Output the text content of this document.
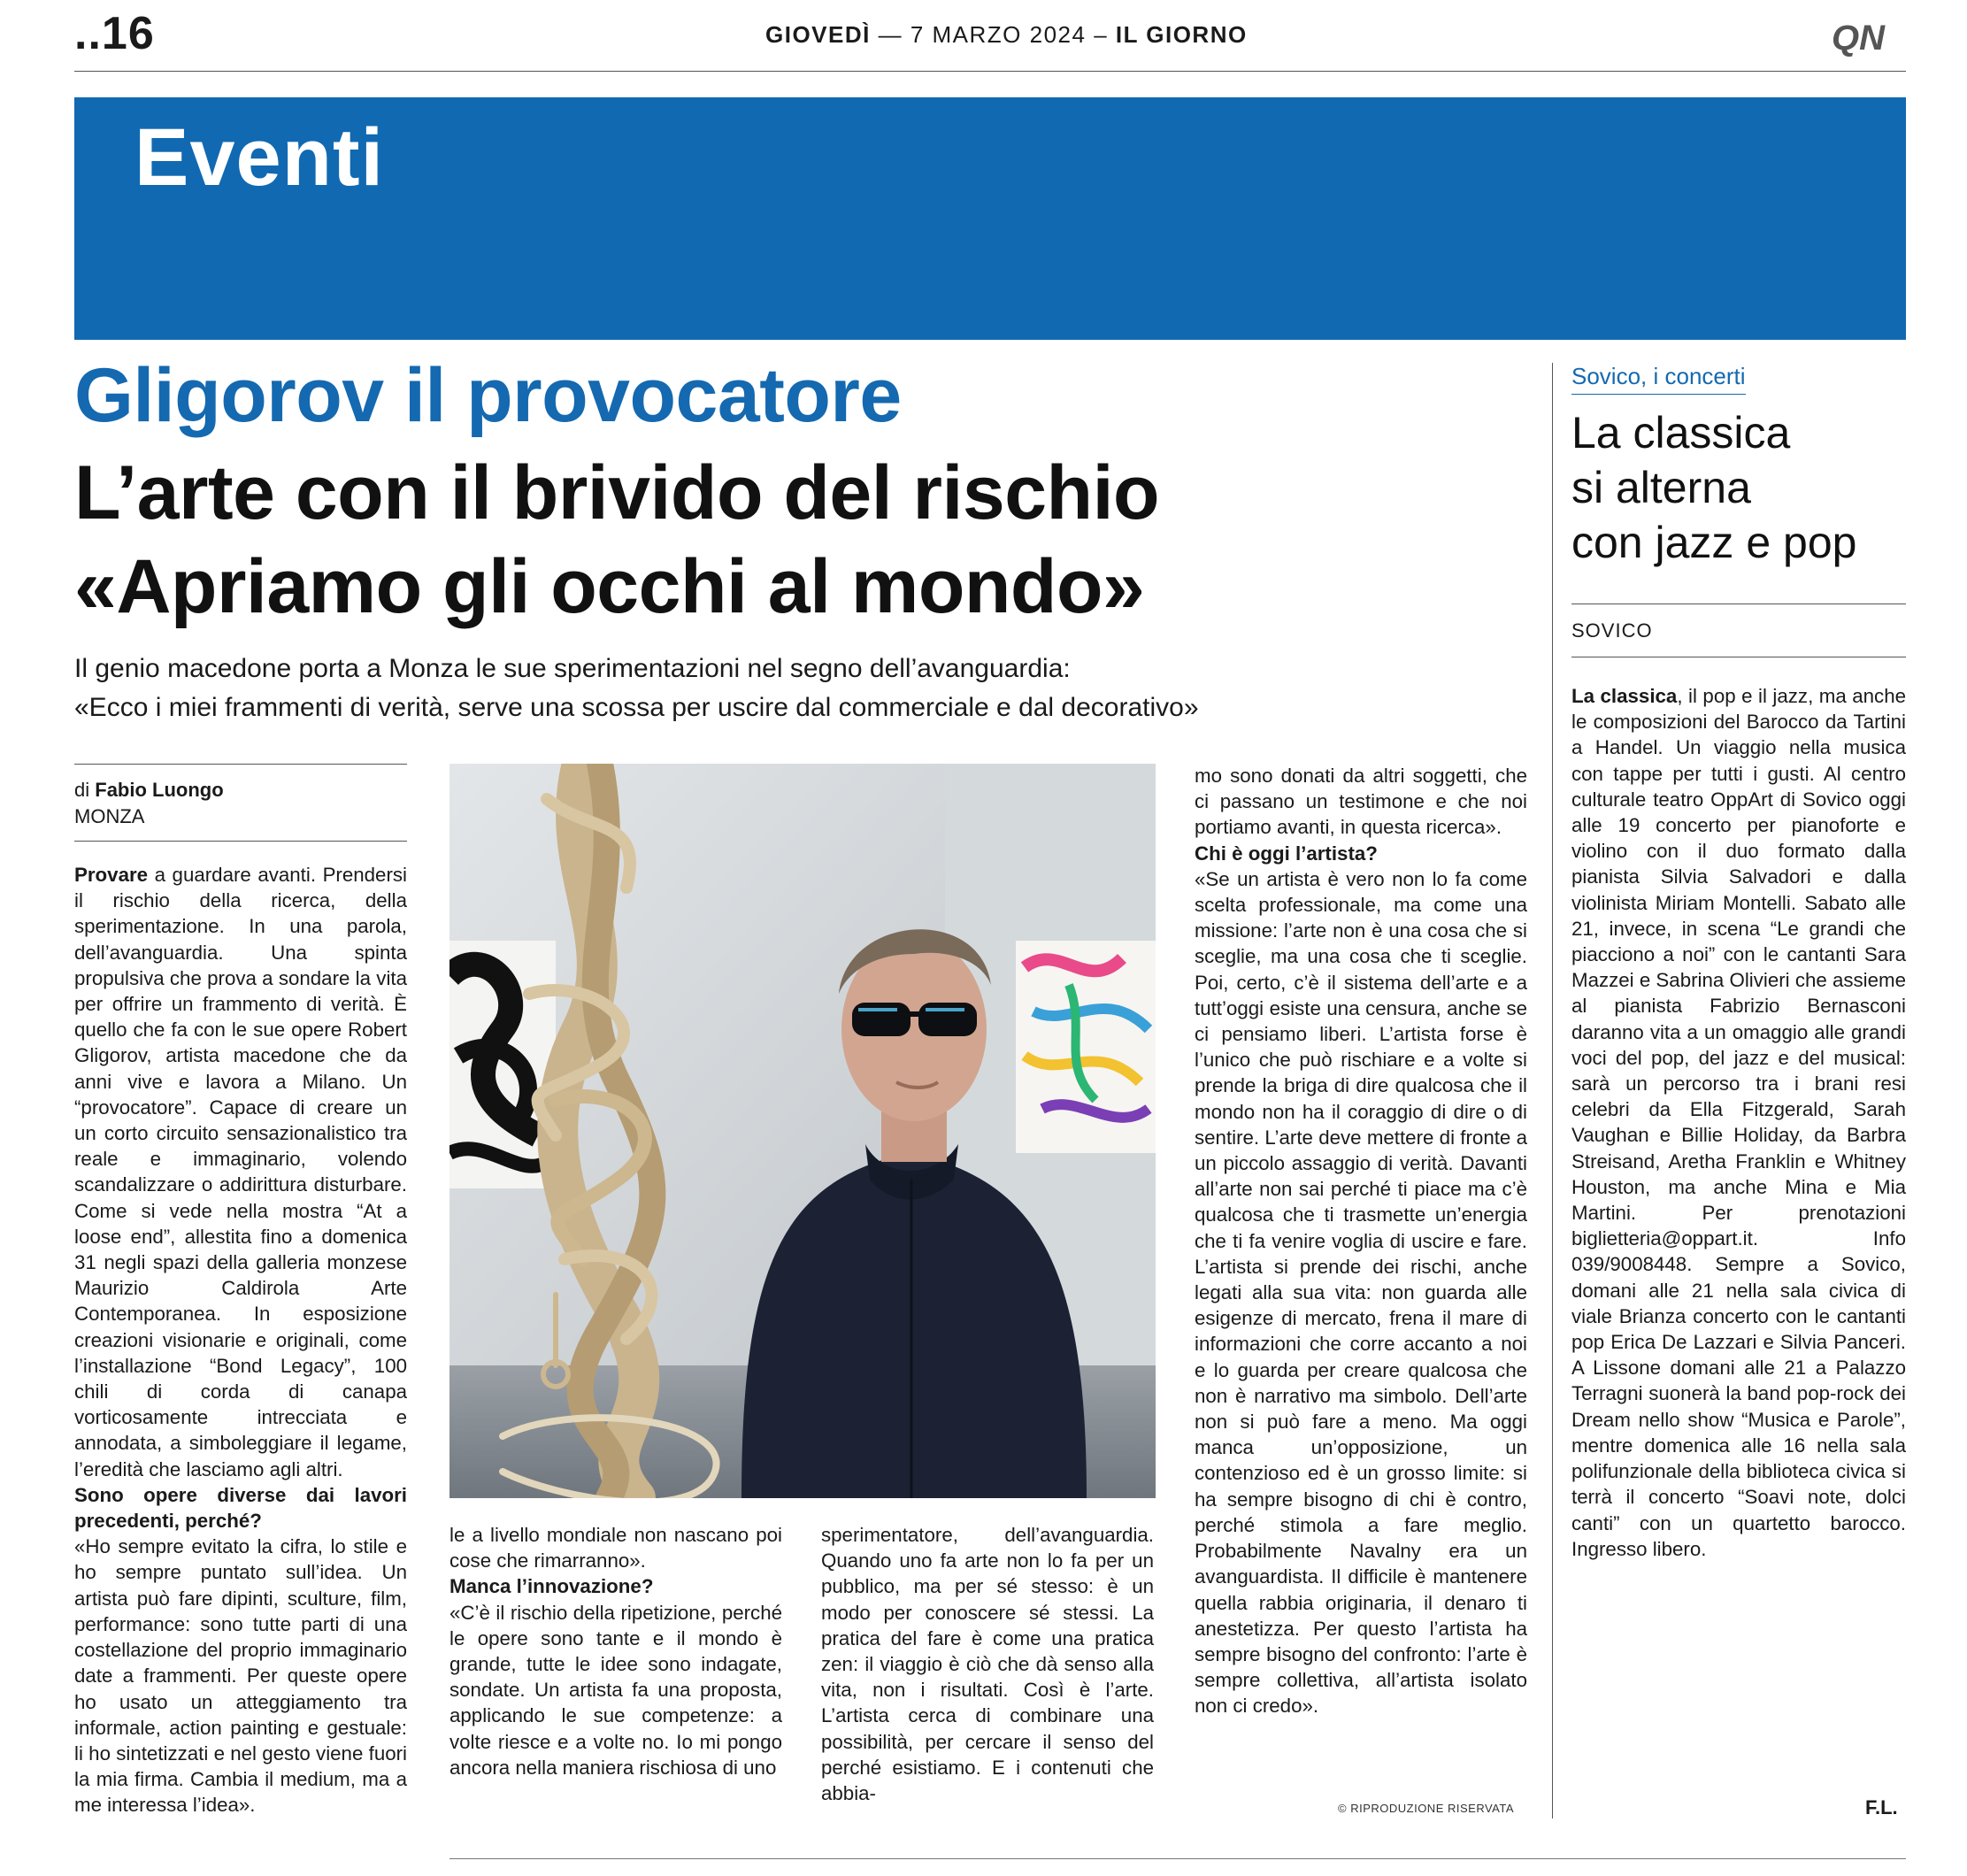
..16	GIOVEDÌ — 7 MARZO 2024 – IL GIORNO	QN
Eventi
Gligorov il provocatore
L’arte con il brivido del rischio
«Apriamo gli occhi al mondo»
Il genio macedone porta a Monza le sue sperimentazioni nel segno dell’avanguardia:
«Ecco i miei frammenti di verità, serve una scossa per uscire dal commerciale e dal decorativo»
di Fabio Luongo
MONZA

Provare a guardare avanti. Prendersi il rischio della ricerca, della sperimentazione. In una parola, dell’avanguardia. Una spinta propulsiva che prova a sondare la vita per offrire un frammento di verità. È quello che fa con le sue opere Robert Gligorov, artista macedone che da anni vive e lavora a Milano. Un “provocatore”. Capace di creare un un corto circuito sensazionalistico tra reale e immaginario, volendo scandalizzare o addirittura disturbare. Come si vede nella mostra “At a loose end”, allestita fino a domenica 31 negli spazi della galleria monzese Maurizio Caldirola Arte Contemporanea. In esposizione creazioni visionarie e originali, come l’installazione “Bond Legacy”, 100 chili di corda di canapa vorticosamente intrecciata e annodata, a simboleggiare il legame, l’eredità che lasciamo agli altri.

Sono opere diverse dai lavori precedenti, perché?

«Ho sempre evitato la cifra, lo stile e ho sempre puntato sull’idea. Un artista può fare dipinti, sculture, film, performance: sono tutte parti di una costellazione del proprio immaginario date a frammenti. Per queste opere ho usato un atteggiamento tra informale, action painting e gestuale: li ho sintetizzati e nel gesto viene fuori la mia firma. Cambia il medium, ma a me interessa l’idea».

le a livello mondiale non nascano poi cose che rimarranno».

Manca l’innovazione?

«C’è il rischio della ripetizione, perché le opere sono tante e il mondo è grande, tutte le idee sono indagate, sondate. Un artista fa una proposta, applicando le sue competenze: a volte riesce e a volte no. Io mi pongo ancora nella maniera rischiosa di uno

sperimentatore, dell’avanguardia. Quando uno fa arte non lo fa per un pubblico, ma per sé stesso: è un modo per conoscere sé stessi. La pratica del fare è come una pratica zen: il viaggio è ciò che dà senso alla vita, non i risultati. Così è l’arte. L’artista cerca di combinare una possibilità, per cercare il senso del perché esistiamo. E i contenuti che abbia-

mo sono donati da altri soggetti, che ci passano un testimone e che noi portiamo avanti, in questa ricerca».

Chi è oggi l’artista?

«Se un artista è vero non lo fa come scelta professionale, ma come una missione: l’arte non è una cosa che si sceglie, ma una cosa che ti sceglie. Poi, certo, c’è il sistema dell’arte e a tutt’oggi esiste una censura, anche se ci pensiamo liberi. L’artista forse è l’unico che può rischiare e a volte si prende la briga di dire qualcosa che il mondo non ha il coraggio di dire o di sentire. L’arte deve mettere di fronte a un piccolo assaggio di verità. Davanti all’arte non sai perché ti piace ma c’è qualcosa che ti trasmette un’energia che ti fa venire voglia di uscire e fare. L’artista si prende dei rischi, anche legati alla sua vita: non guarda alle esigenze di mercato, frena il mare di informazioni che corre accanto a noi e lo guarda per creare qualcosa che non è narrativo ma simbolo. Dell’arte non si può fare a meno. Ma oggi manca un’opposizione, un contenzioso ed è un grosso limite: si ha sempre bisogno di chi è contro, perché stimola a fare meglio. Probabilmente Navalny era un avanguardista. Il difficile è mantenere quella rabbia originaria, il denaro ti anestetizza. Per questo l’artista ha sempre bisogno del confronto: l’arte è sempre collettiva, all’artista isolato non ci credo».

© RIPRODUZIONE RISERVATA
Sovico, i concerti
La classica
si alterna
con jazz e pop
SOVICO

La classica, il pop e il jazz, ma anche le composizioni del Barocco da Tartini a Handel. Un viaggio nella musica con tappe per tutti i gusti. Al centro culturale teatro OppArt di Sovico oggi alle 19 concerto per pianoforte e violino con il duo formato dalla pianista Silvia Salvadori e dalla violinista Miriam Montelli. Sabato alle 21, invece, in scena “Le grandi che piacciono a noi” con le cantanti Sara Mazzei e Sabrina Olivieri che assieme al pianista Fabrizio Bernasconi daranno vita a un omaggio alle grandi voci del pop, del jazz e del musical: sarà un percorso tra i brani resi celebri da Ella Fitzgerald, Sarah Vaughan e Billie Holiday, da Barbra Streisand, Aretha Franklin e Whitney Houston, ma anche Mina e Mia Martini. Per prenotazioni biglietteria@oppart.it. Info 039/9008448. Sempre a Sovico, domani alle 21 nella sala civica di viale Brianza concerto con le cantanti pop Erica De Lazzari e Silvia Panceri. A Lissone domani alle 21 a Palazzo Terragni suonerà la band pop-rock dei Dream nello show “Musica e Parole”, mentre domenica alle 16 nella sala polifunzionale della biblioteca civica si terrà il concerto “Soavi note, dolci canti” con un quartetto barocco. Ingresso libero.

F.L.
